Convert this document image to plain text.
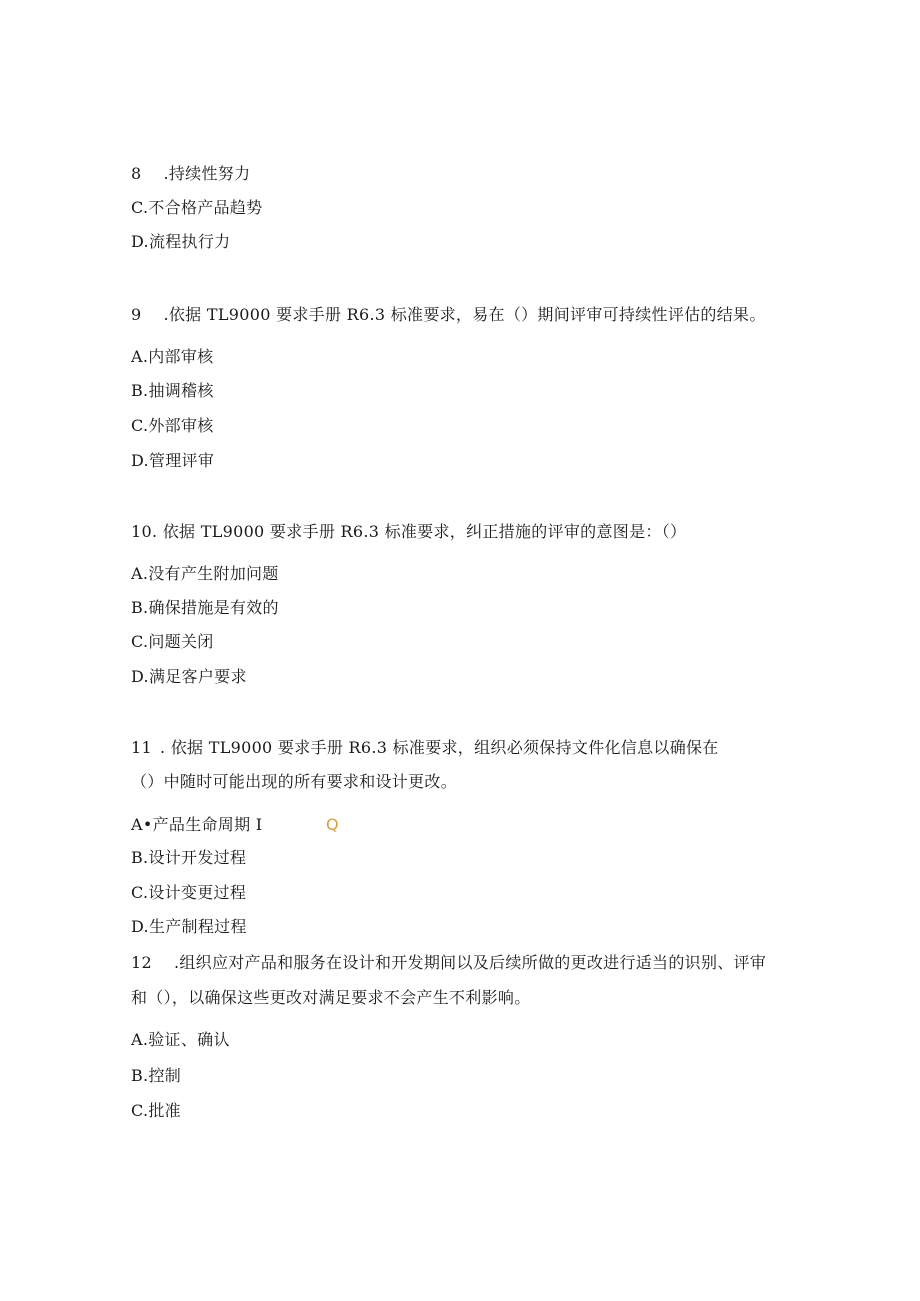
8 .持续性努力
C.不合格产品趋势
D.流程执行力
9 .依据 TL9000 要求手册 R6.3 标准要求，易在（）期间评审可持续性评估的结果。
A.内部审核
B.抽调稽核
C.外部审核
D.管理评审
10. 依据 TL9000 要求手册 R6.3 标准要求，纠正措施的评审的意图是：（）
A.没有产生附加问题
B.确保措施是有效的
C.问题关闭
D.满足客户要求
11 . 依据 TL9000 要求手册 R6.3 标准要求，组织必须保持文件化信息以确保在
（）中随时可能出现的所有要求和设计更改。
A•产品生命周期 I	Q
B.设计开发过程
C.设计变更过程
D.生产制程过程
12 .组织应对产品和服务在设计和开发期间以及后续所做的更改进行适当的识别、评审
和（），以确保这些更改对满足要求不会产生不利影响。
A.验证、确认
B.控制
C.批准
